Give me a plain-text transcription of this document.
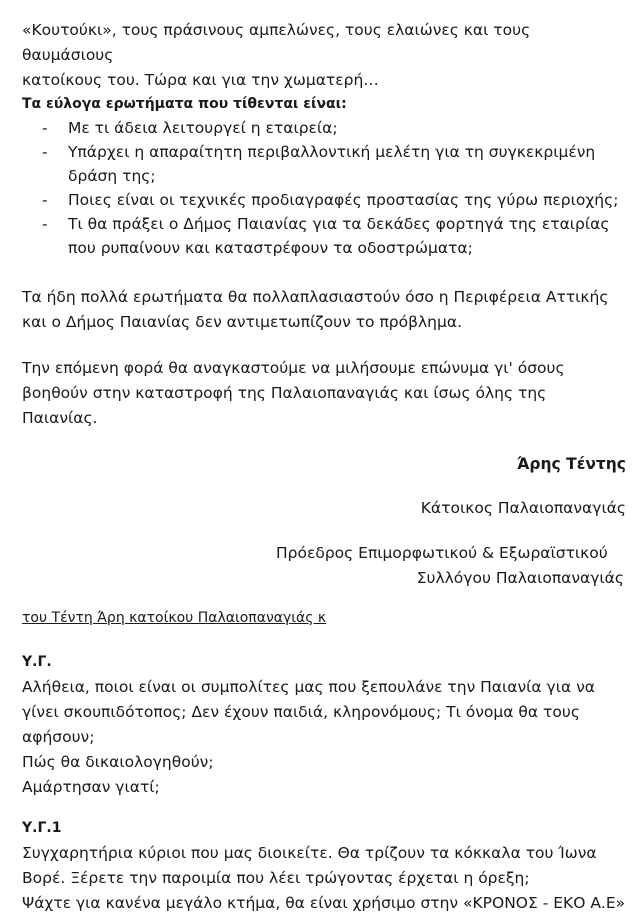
«Κουτούκι», τους πράσινους αμπελώνες, τους ελαιώνες και τους θαυμάσιους

κατοίκους του. Τώρα και για την χωματερή…

Τα εύλογα ερωτήματα που τίθενται είναι:

- Με τι άδεια λειτουργεί η εταιρεία;
- Υπάρχει η απαραίτητη περιβαλλοντική μελέτη για τη συγκεκριμένη δράση της;
- Ποιες είναι οι τεχνικές προδιαγραφές προστασίας της γύρω περιοχής;
- Τι θα πράξει ο Δήμος Παιανίας για τα δεκάδες φορτηγά της εταιρίας που ρυπαίνουν και καταστρέφουν τα οδοστρώματα;

Τα ήδη πολλά ερωτήματα θα πολλαπλασιαστούν όσο η Περιφέρεια Αττικής και ο Δήμος Παιανίας δεν αντιμετωπίζουν το πρόβλημα.

Την επόμενη φορά θα αναγκαστούμε να μιλήσουμε επώνυμα γι' όσους βοηθούν στην καταστροφή της Παλαιοπαναγιάς και ίσως όλης της Παιανίας.

Άρης Τέντης

Κάτοικος Παλαιοπαναγιάς

Πρόεδρος Επιμορφωτικού & Εξωραϊστικού

Συλλόγου Παλαιοπαναγιάς

του Τέντη Άρη κατοίκου Παλαιοπαναγιάς κ

Υ.Γ.

Αλήθεια, ποιοι είναι οι συμπολίτες μας που ξεπουλάνε την Παιανία για να

γίνει σκουπιδότοπος; Δεν έχουν παιδιά, κληρονόμους; Τι όνομα θα τους

αφήσουν;

Πώς θα δικαιολογηθούν;

Αμάρτησαν γιατί;

Υ.Γ.1

Συγχαρητήρια κύριοι που μας διοικείτε. Θα τρίζουν τα κόκκαλα του Ίωνα

Βορέ. Ξέρετε την παροιμία που λέει τρώγοντας έρχεται η όρεξη;

Ψάχτε για κανένα μεγάλο κτήμα, θα είναι χρήσιμο στην «ΚΡΟΝΟΣ - ΕΚΟ Α.Ε»
